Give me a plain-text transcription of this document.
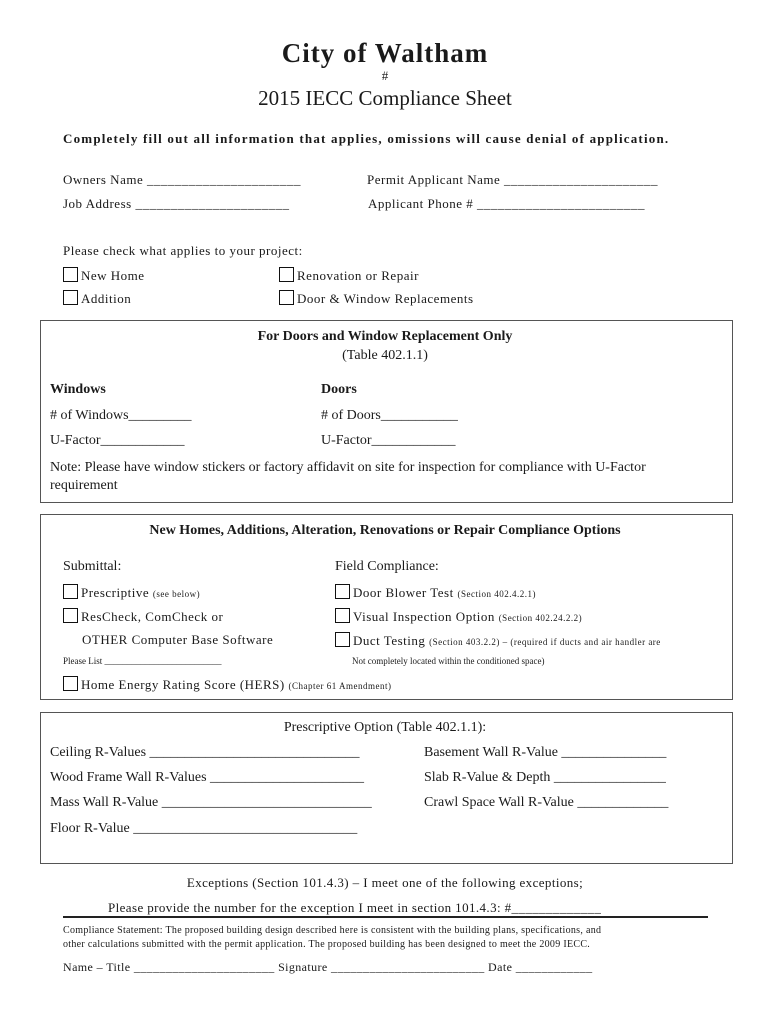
City of Waltham
#
2015 IECC Compliance Sheet
Completely fill out all information that applies, omissions will cause denial of application.
Owners Name ______________________	Permit Applicant Name ______________________
Job Address ______________________	Applicant Phone # ________________________
Please check what applies to your project:
New Home	Renovation or Repair
Addition	Door & Window Replacements
For Doors and Window Replacement Only
(Table 402.1.1)
Windows	Doors
# of Windows_________	# of Doors___________
U-Factor____________	U-Factor____________
Note: Please have window stickers or factory affidavit on site for inspection for compliance with U-Factor
requirement
New Homes, Additions, Alteration, Renovations or Repair Compliance Options
Submittal:	Field Compliance:
Prescriptive (see below)	Door Blower Test (Section 402.4.2.1)
ResCheck, ComCheck or	Visual Inspection Option (Section 402.24.2.2)
OTHER Computer Base Software	Duct Testing (Section 403.2.2) – (required if ducts and air handler are
Please List __________________________	Not completely located within the conditioned space)
Home Energy Rating Score (HERS) (Chapter 61 Amendment)
Prescriptive Option (Table 402.1.1):
Ceiling R-Values ______________________________	Basement Wall R-Value _______________
Wood Frame Wall R-Values ______________________	Slab R-Value & Depth ________________
Mass Wall R-Value ______________________________	Crawl Space Wall R-Value _____________
Floor R-Value ________________________________
Exceptions (Section 101.4.3) – I meet one of the following exceptions;
Please provide the number for the exception I meet in section 101.4.3: #_____________
Compliance Statement: The proposed building design described here is consistent with the building plans, specifications, and
other calculations submitted with the permit application. The proposed building has been designed to meet the 2009 IECC.
Name – Title ______________________ Signature ________________________ Date ____________
